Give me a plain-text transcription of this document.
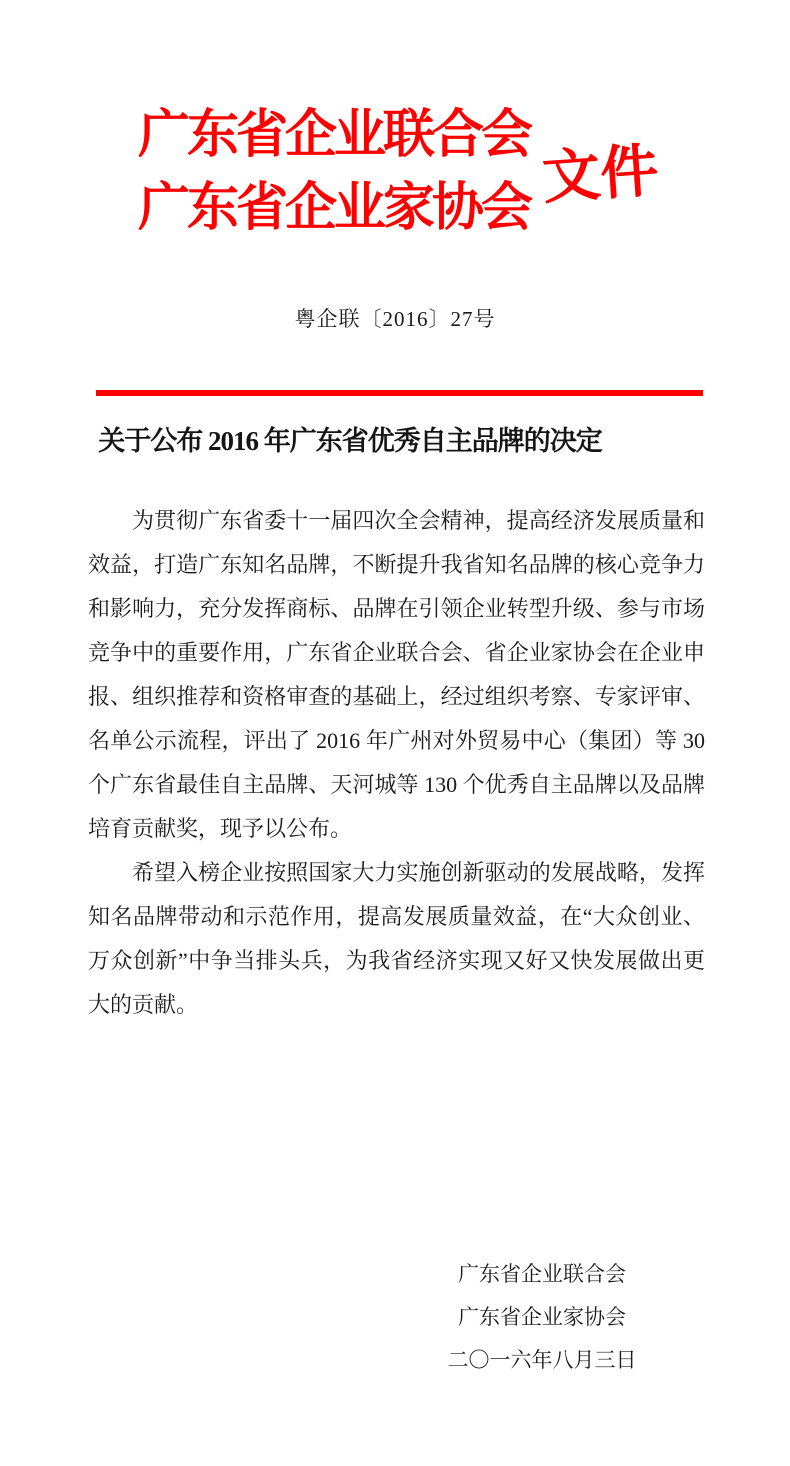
广东省企业联合会
广东省企业家协会 文件
粤企联〔2016〕27号
关于公布 2016 年广东省优秀自主品牌的决定
为贯彻广东省委十一届四次全会精神，提高经济发展质量和
效益，打造广东知名品牌，不断提升我省知名品牌的核心竞争力
和影响力，充分发挥商标、品牌在引领企业转型升级、参与市场
竞争中的重要作用，广东省企业联合会、省企业家协会在企业申
报、组织推荐和资格审查的基础上，经过组织考察、专家评审、
名单公示流程，评出了 2016 年广州对外贸易中心（集团）等 30
个广东省最佳自主品牌、天河城等 130 个优秀自主品牌以及品牌
培育贡献奖，现予以公布。
希望入榜企业按照国家大力实施创新驱动的发展战略，发挥
知名品牌带动和示范作用，提高发展质量效益，在“大众创业、
万众创新”中争当排头兵，为我省经济实现又好又快发展做出更
大的贡献。
广东省企业联合会
广东省企业家协会
二〇一六年八月三日
